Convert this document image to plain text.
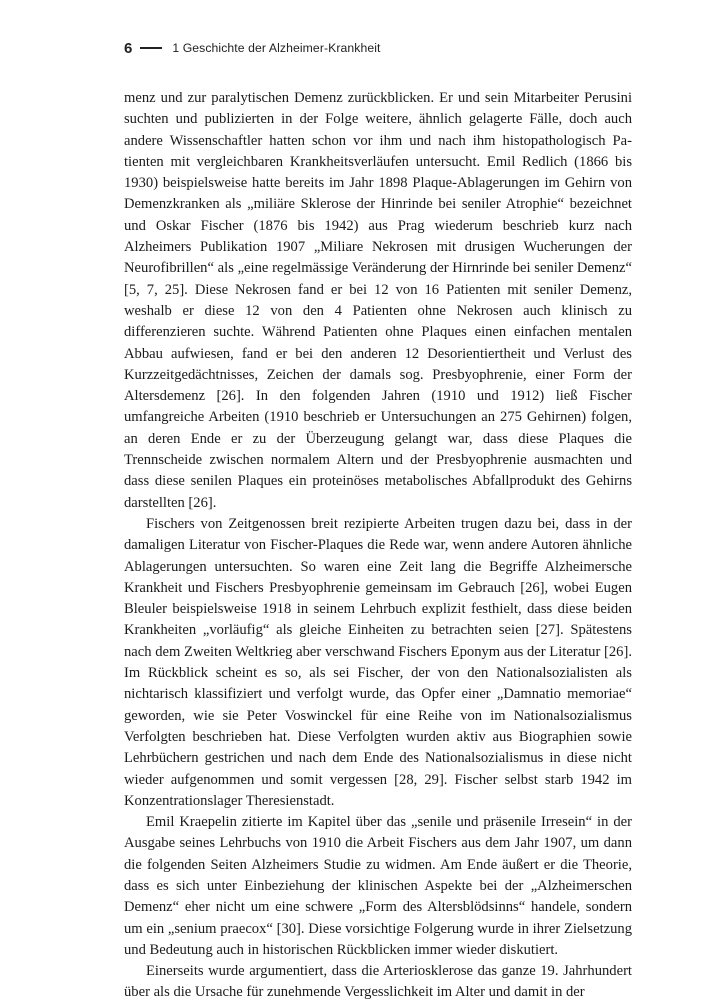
6	1 Geschichte der Alzheimer-Krankheit

menz und zur paralytischen Demenz zurückblicken. Er und sein Mitarbeiter Perusini suchten und publizierten in der Folge weitere, ähnlich gelagerte Fälle, doch auch andere Wissenschaftler hatten schon vor ihm und nach ihm histopathologisch Patienten mit vergleichbaren Krankheitsverläufen untersucht. Emil Redlich (1866 bis 1930) beispielsweise hatte bereits im Jahr 1898 Plaque-Ablagerungen im Gehirn von Demenzkranken als „miliäre Sklerose der Hinrinde bei seniler Atrophie“ bezeichnet und Oskar Fischer (1876 bis 1942) aus Prag wiederum beschrieb kurz nach Alzheimers Publikation 1907 „Miliare Nekrosen mit drusigen Wucherungen der Neurofibrillen“ als „eine regelmässige Veränderung der Hirnrinde bei seniler Demenz“ [5, 7, 25]. Diese Nekrosen fand er bei 12 von 16 Patienten mit seniler Demenz, weshalb er diese 12 von den 4 Patienten ohne Nekrosen auch klinisch zu differenzieren suchte. Während Patienten ohne Plaques einen einfachen mentalen Abbau aufwiesen, fand er bei den anderen 12 Desorientiertheit und Verlust des Kurzzeitgedächtnisses, Zeichen der damals sog. Presbyophrenie, einer Form der Altersdemenz [26]. In den folgenden Jahren (1910 und 1912) ließ Fischer umfangreiche Arbeiten (1910 beschrieb er Untersuchungen an 275 Gehirnen) folgen, an deren Ende er zu der Überzeugung gelangt war, dass diese Plaques die Trennscheide zwischen normalem Altern und der Presbyophrenie ausmachten und dass diese senilen Plaques ein proteinöses metabolisches Abfallprodukt des Gehirns darstellten [26].

Fischers von Zeitgenossen breit rezipierte Arbeiten trugen dazu bei, dass in der damaligen Literatur von Fischer-Plaques die Rede war, wenn andere Autoren ähnliche Ablagerungen untersuchten. So waren eine Zeit lang die Begriffe Alzheimersche Krankheit und Fischers Presbyophrenie gemeinsam im Gebrauch [26], wobei Eugen Bleuler beispielsweise 1918 in seinem Lehrbuch explizit festhielt, dass diese beiden Krankheiten „vorläufig“ als gleiche Einheiten zu betrachten seien [27]. Spätestens nach dem Zweiten Weltkrieg aber verschwand Fischers Eponym aus der Literatur [26]. Im Rückblick scheint es so, als sei Fischer, der von den Nationalsozialisten als nichtarisch klassifiziert und verfolgt wurde, das Opfer einer „Damnatio memoriae“ geworden, wie sie Peter Voswinckel für eine Reihe von im Nationalsozialismus Verfolgten beschrieben hat. Diese Verfolgten wurden aktiv aus Biographien sowie Lehrbüchern gestrichen und nach dem Ende des Nationalsozialismus in diese nicht wieder aufgenommen und somit vergessen [28, 29]. Fischer selbst starb 1942 im Konzentrationslager Theresienstadt.

Emil Kraepelin zitierte im Kapitel über das „senile und präsenile Irresein“ in der Ausgabe seines Lehrbuchs von 1910 die Arbeit Fischers aus dem Jahr 1907, um dann die folgenden Seiten Alzheimers Studie zu widmen. Am Ende äußert er die Theorie, dass es sich unter Einbeziehung der klinischen Aspekte bei der „Alzheimerschen Demenz“ eher nicht um eine schwere „Form des Altersblödsinns“ handele, sondern um ein „senium praecox“ [30]. Diese vorsichtige Folgerung wurde in ihrer Zielsetzung und Bedeutung auch in historischen Rückblicken immer wieder diskutiert.

Einerseits wurde argumentiert, dass die Arteriosklerose das ganze 19. Jahrhundert über als die Ursache für zunehmende Vergesslichkeit im Alter und damit in der
